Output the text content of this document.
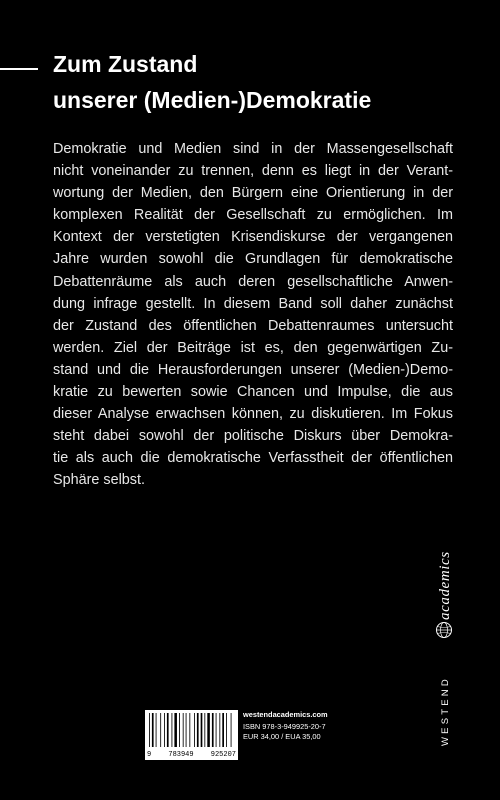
Zum Zustand
unserer (Medien-)Demokratie
Demokratie und Medien sind in der Massengesellschaft
nicht voneinander zu trennen, denn es liegt in der Verant-
wortung der Medien, den Bürgern eine Orientierung in der
komplexen Realität der Gesellschaft zu ermöglichen. Im
Kontext der verstetigten Krisendiskurse der vergangenen
Jahre wurden sowohl die Grundlagen für demokratische
Debattenräume als auch deren gesellschaftliche Anwen-
dung infrage gestellt. In diesem Band soll daher zunächst
der Zustand des öffentlichen Debattenraumes untersucht
werden. Ziel der Beiträge ist es, den gegenwärtigen Zu-
stand und die Herausforderungen unserer (Medien-)Demo-
kratie zu bewerten sowie Chancen und Impulse, die aus
dieser Analyse erwachsen können, zu diskutieren. Im Fokus
steht dabei sowohl der politische Diskurs über Demokra-
tie als auch die demokratische Verfasstheit der öffentlichen
Sphäre selbst.
WESTEND
academics
9 783949 925207
westendacademics.com
ISBN 978-3-949925-20-7
EUR 34,00 / EUA 35,00
